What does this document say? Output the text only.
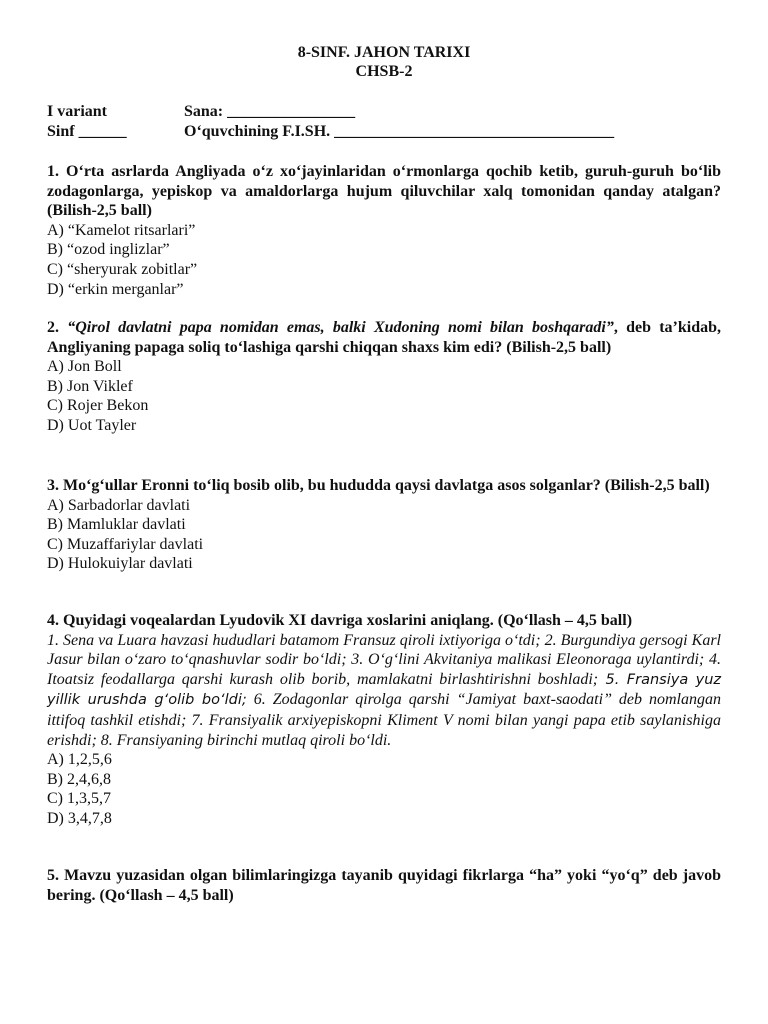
8-SINF. JAHON TARIXI
CHSB-2
I variant	Sana: ________________
Sinf ______	O‘quvchining F.I.SH. ___________________________________
1. O‘rta asrlarda Angliyada o‘z xo‘jayinlaridan o‘rmonlarga qochib ketib, guruh-guruh bo‘lib zodagonlarga, yepiskop va amaldorlarga hujum qiluvchilar xalq tomonidan qanday atalgan? (Bilish-2,5 ball)
A) “Kamelot ritsarlari”
B) “ozod inglizlar”
C) “sheryurak zobitlar”
D) “erkin merganlar”
2. “Qirol davlatni papa nomidan emas, balki Xudoning nomi bilan boshqaradi”, deb ta’kidab, Angliyaning papaga soliq to‘lashiga qarshi chiqqan shaxs kim edi? (Bilish-2,5 ball)
A) Jon Boll
B) Jon Viklef
C) Rojer Bekon
D) Uot Tayler
3. Mo‘g‘ullar Eronni to‘liq bosib olib, bu hududda qaysi davlatga asos solganlar? (Bilish-2,5 ball)
A) Sarbadorlar davlati
B) Mamluklar davlati
C) Muzaffariylar davlati
D) Hulokuiylar davlati
4. Quyidagi voqealardan Lyudovik XI davriga xoslarini aniqlang. (Qo‘llash – 4,5 ball)
1. Sena va Luara havzasi hududlari batamom Fransuz qiroli ixtiyoriga o‘tdi; 2. Burgundiya gersogi Karl Jasur bilan o‘zaro to‘qnashuvlar sodir bo‘ldi; 3. O‘g‘lini Akvitaniya malikasi Eleonoraga uylantirdi; 4. Itoatsiz feodallarga qarshi kurash olib borib, mamlakatni birlashtirishni boshladi; 5. Fransiya yuz yillik urushda g‘olib bo‘ldi; 6. Zodagonlar qirolga qarshi “Jamiyat baxt-saodati” deb nomlangan ittifoq tashkil etishdi; 7. Fransiyalik arxiyepiskopni Kliment V nomi bilan yangi papa etib saylanishiga erishdi; 8. Fransiyaning birinchi mutlaq qiroli bo‘ldi.
A) 1,2,5,6
B) 2,4,6,8
C) 1,3,5,7
D) 3,4,7,8
5. Mavzu yuzasidan olgan bilimlaringizga tayanib quyidagi fikrlarga “ha” yoki “yo‘q” deb javob bering. (Qo‘llash – 4,5 ball)
